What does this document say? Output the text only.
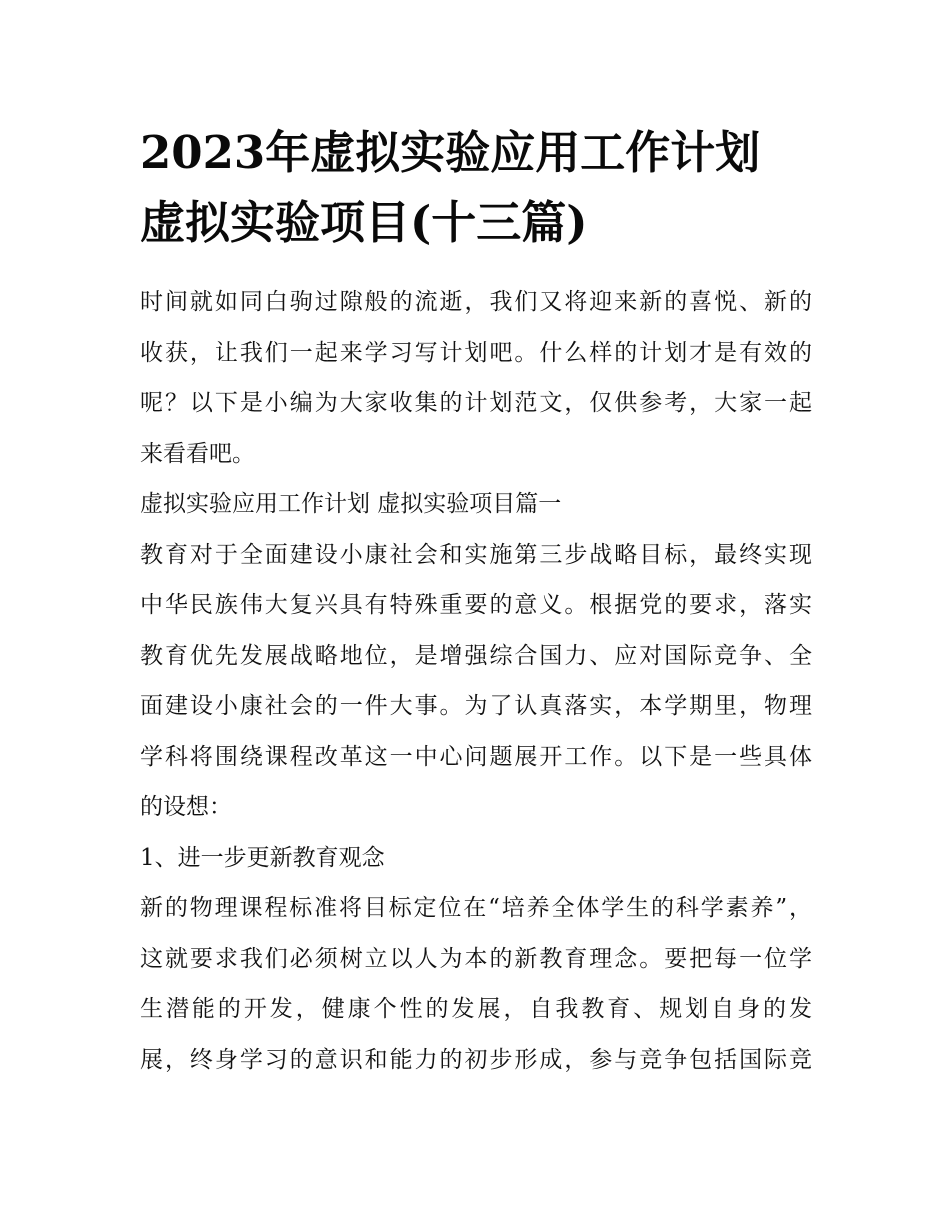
2023年虚拟实验应用工作计划
虚拟实验项目(十三篇)

时间就如同白驹过隙般的流逝，我们又将迎来新的喜悦、新的
收获，让我们一起来学习写计划吧。什么样的计划才是有效的
呢？以下是小编为大家收集的计划范文，仅供参考，大家一起
来看看吧。

虚拟实验应用工作计划 虚拟实验项目篇一

教育对于全面建设小康社会和实施第三步战略目标，最终实现
中华民族伟大复兴具有特殊重要的意义。根据党的要求，落实
教育优先发展战略地位，是增强综合国力、应对国际竞争、全
面建设小康社会的一件大事。为了认真落实，本学期里，物理
学科将围绕课程改革这一中心问题展开工作。以下是一些具体
的设想：

1、进一步更新教育观念

新的物理课程标准将目标定位在“培养全体学生的科学素养”，
这就要求我们必须树立以人为本的新教育理念。要把每一位学
生潜能的开发，健康个性的发展，自我教育、规划自身的发
展，终身学习的意识和能力的初步形成，参与竞争包括国际竞
